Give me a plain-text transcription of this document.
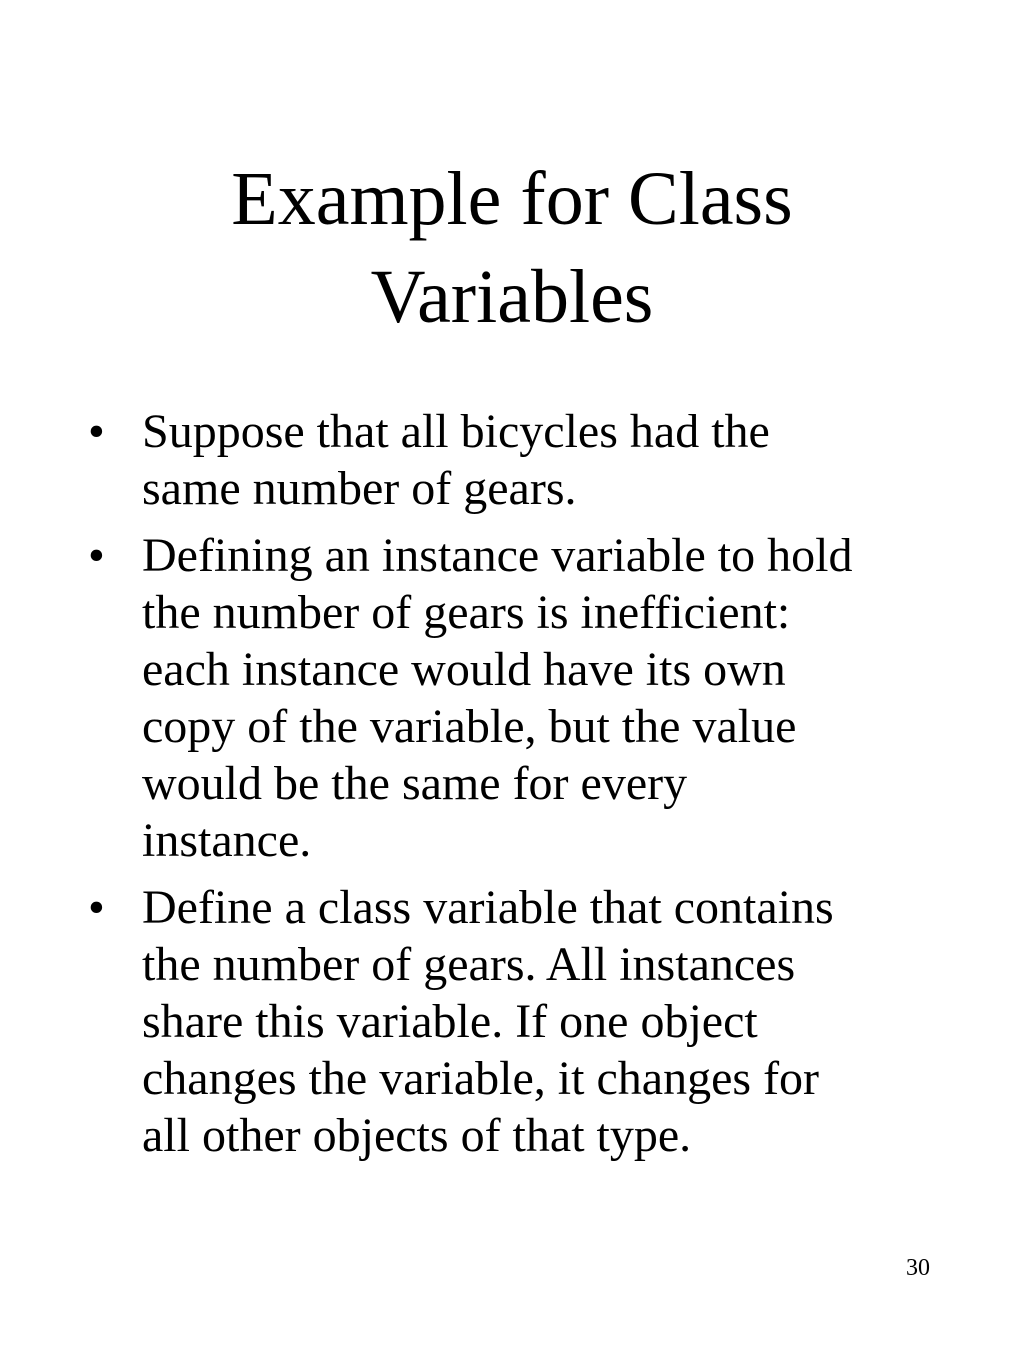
Example for Class
Variables
• Suppose that all bicycles had the
same number of gears.
• Defining an instance variable to hold
the number of gears is inefficient:
each instance would have its own
copy of the variable, but the value
would be the same for every
instance.
• Define a class variable that contains
the number of gears. All instances
share this variable. If one object
changes the variable, it changes for
all other objects of that type.
30
